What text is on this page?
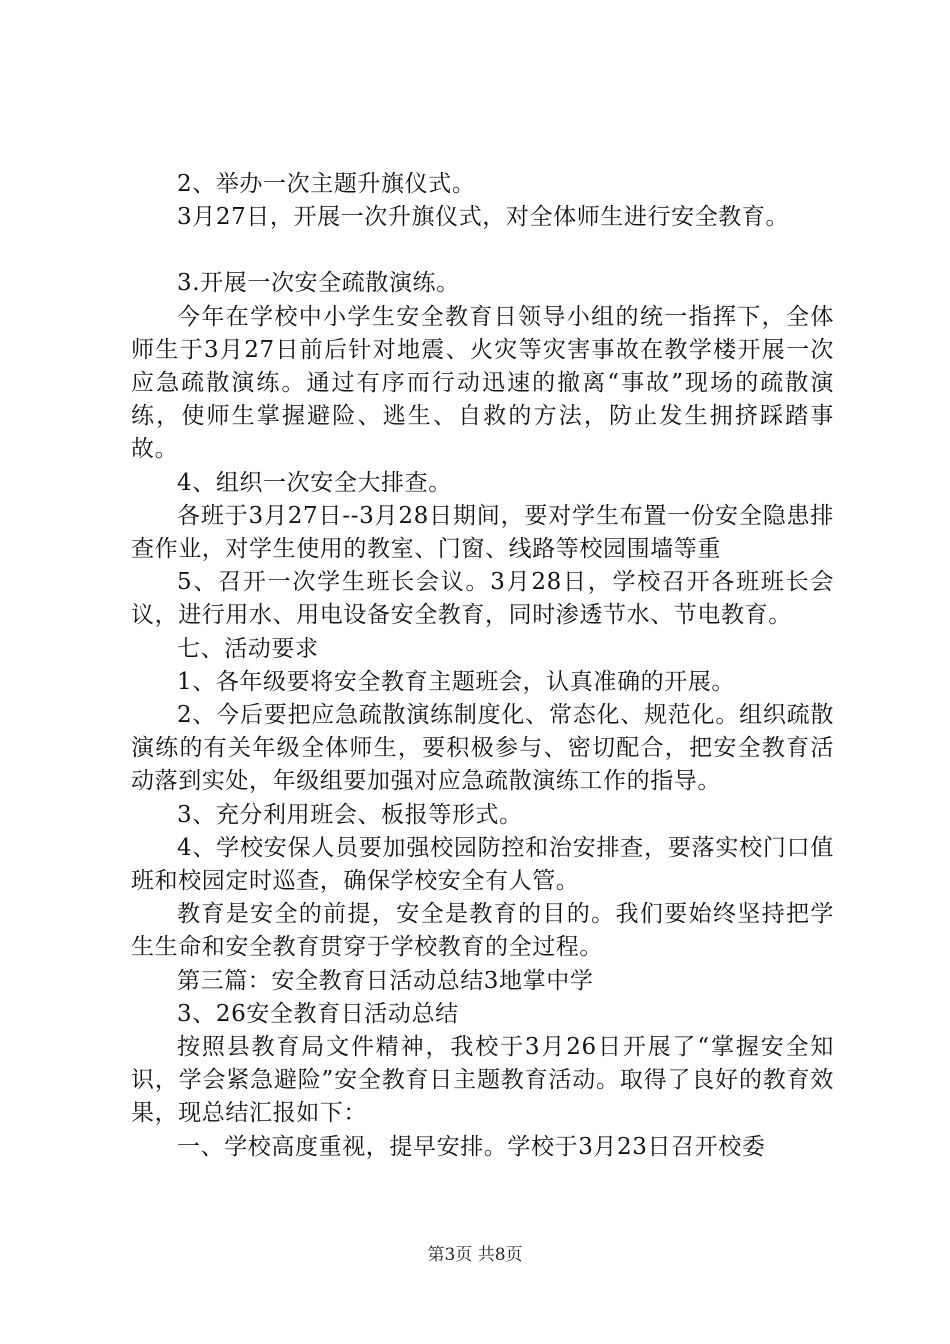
2、举办一次主题升旗仪式。

3月27日，开展一次升旗仪式，对全体师生进行安全教育。

3.开展一次安全疏散演练。

今年在学校中小学生安全教育日领导小组的统一指挥下，全体师生于3月27日前后针对地震、火灾等灾害事故在教学楼开展一次应急疏散演练。通过有序而行动迅速的撤离“事故”现场的疏散演练，使师生掌握避险、逃生、自救的方法，防止发生拥挤踩踏事故。

4、组织一次安全大排查。

各班于3月27日--3月28日期间，要对学生布置一份安全隐患排查作业，对学生使用的教室、门窗、线路等校园围墙等重

5、召开一次学生班长会议。3月28日，学校召开各班班长会议，进行用水、用电设备安全教育，同时渗透节水、节电教育。

七、活动要求

1、各年级要将安全教育主题班会，认真准确的开展。

2、今后要把应急疏散演练制度化、常态化、规范化。组织疏散演练的有关年级全体师生，要积极参与、密切配合，把安全教育活动落到实处，年级组要加强对应急疏散演练工作的指导。

3、充分利用班会、板报等形式。

4、学校安保人员要加强校园防控和治安排查，要落实校门口值班和校园定时巡查，确保学校安全有人管。

教育是安全的前提，安全是教育的目的。我们要始终坚持把学生生命和安全教育贯穿于学校教育的全过程。

第三篇：安全教育日活动总结3地掌中学

3、26安全教育日活动总结

按照县教育局文件精神，我校于3月26日开展了“掌握安全知识，学会紧急避险”安全教育日主题教育活动。取得了良好的教育效果，现总结汇报如下：

一、学校高度重视，提早安排。学校于3月23日召开校委

第3页 共8页
